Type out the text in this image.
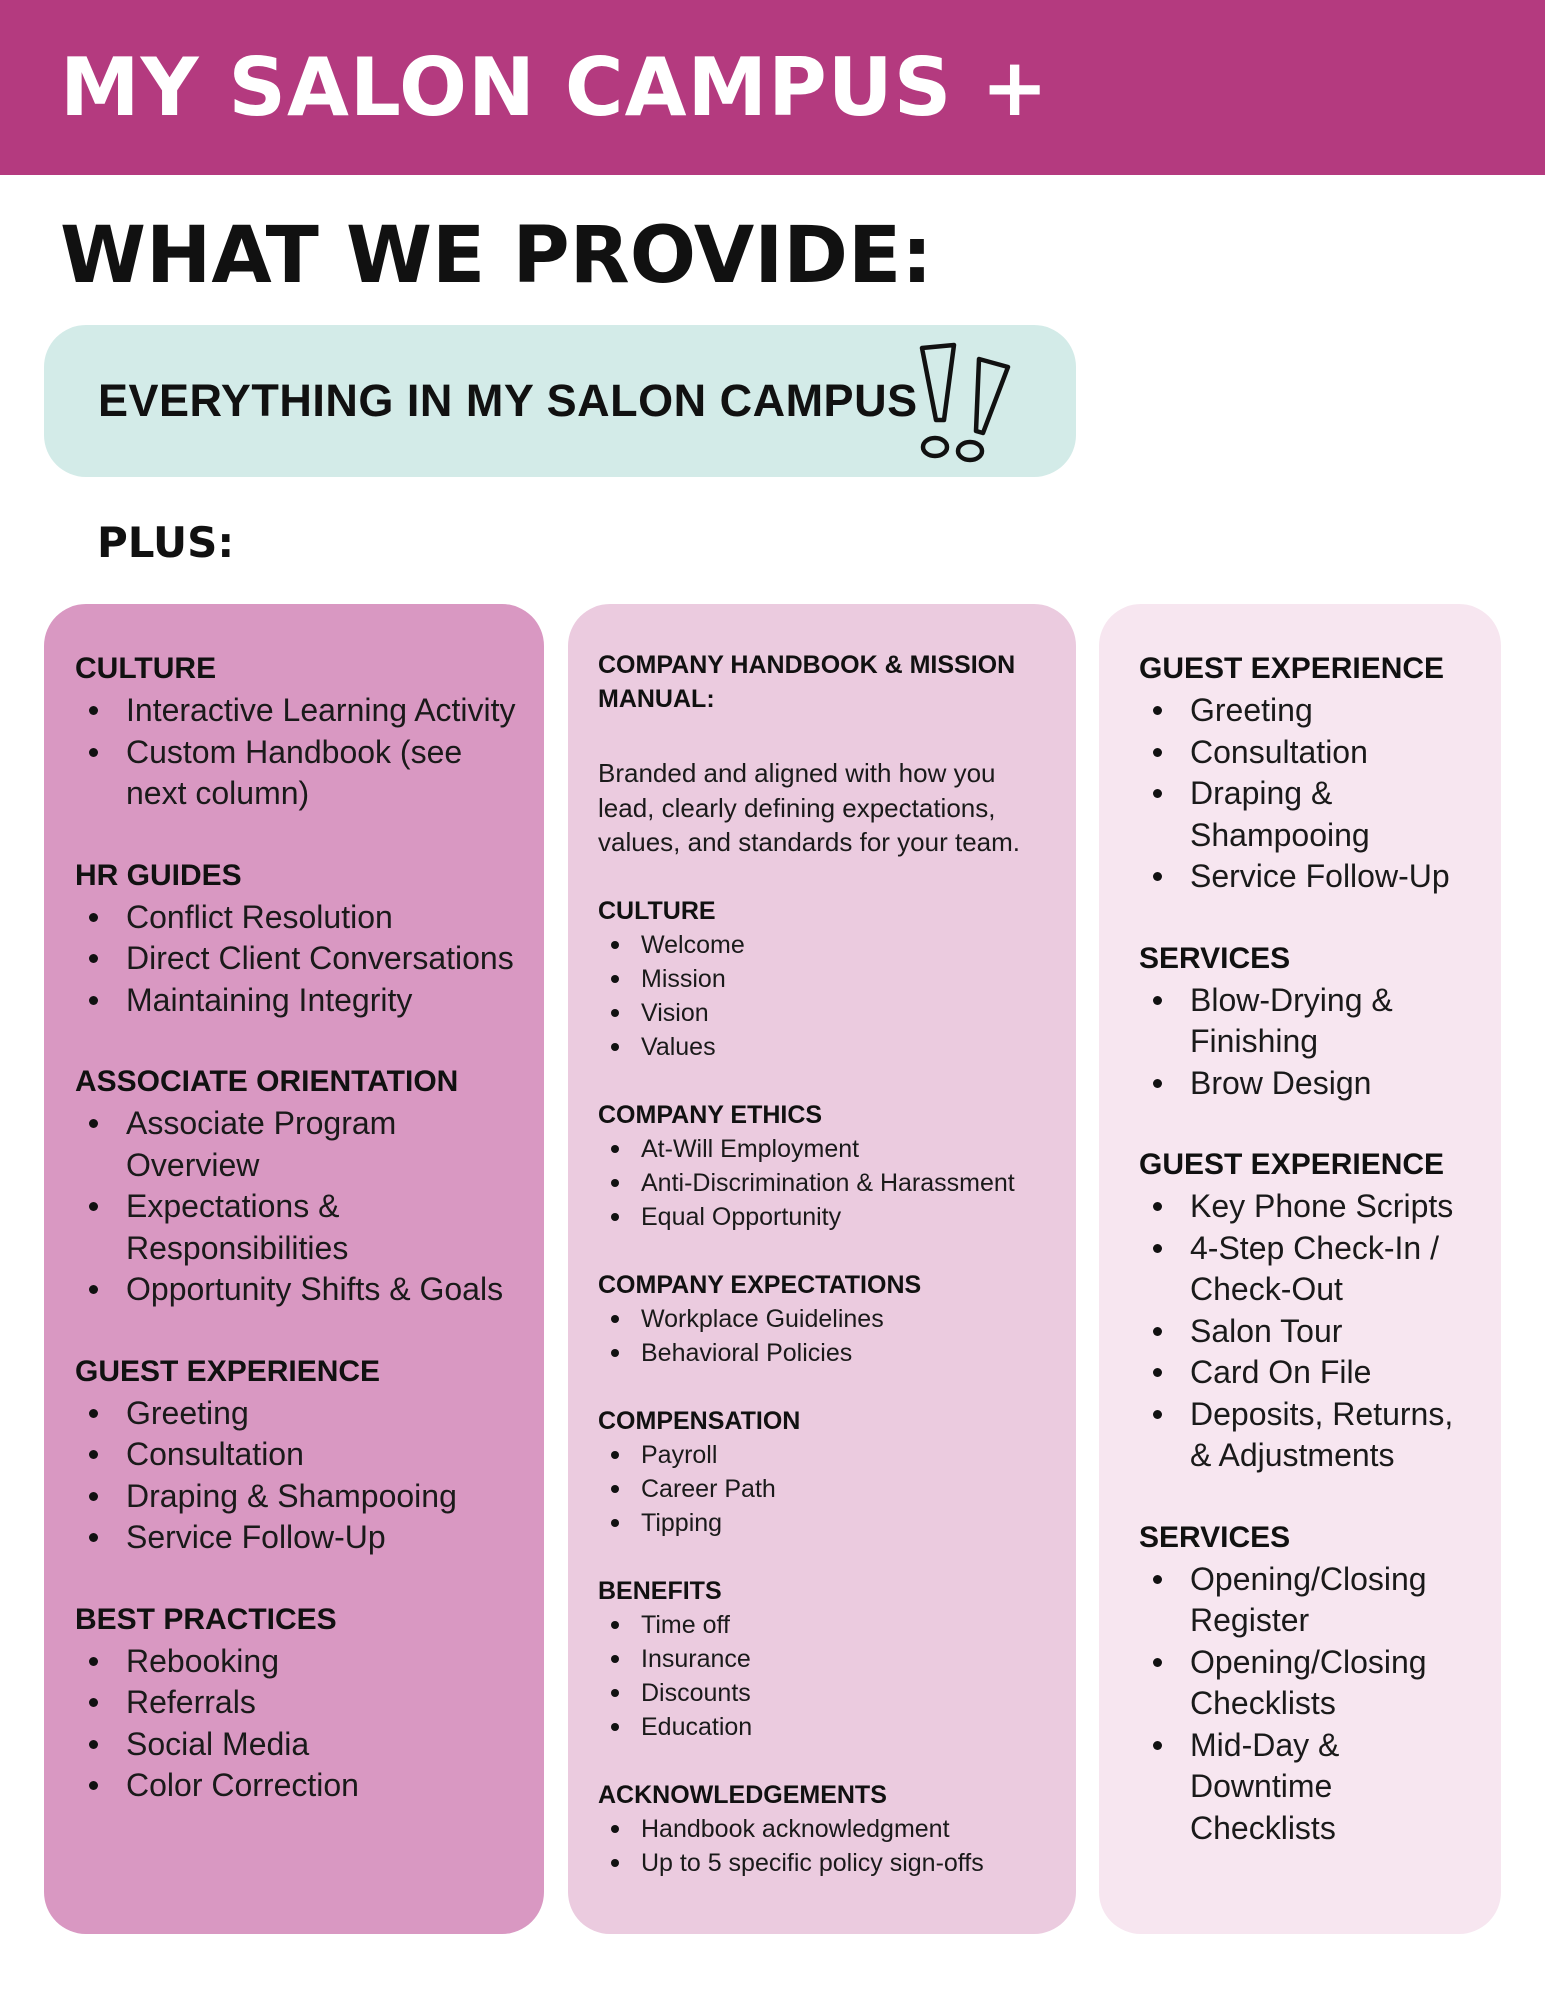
MY SALON CAMPUS +
WHAT WE PROVIDE:
EVERYTHING IN MY SALON CAMPUS
PLUS:
CULTURE
Interactive Learning Activity
Custom Handbook (see next column)
HR GUIDES
Conflict Resolution
Direct Client Conversations
Maintaining Integrity
ASSOCIATE ORIENTATION
Associate Program Overview
Expectations & Responsibilities
Opportunity Shifts & Goals
GUEST EXPERIENCE
Greeting
Consultation
Draping & Shampooing
Service Follow-Up
BEST PRACTICES
Rebooking
Referrals
Social Media
Color Correction
COMPANY HANDBOOK & MISSION MANUAL:
Branded and aligned with how you lead, clearly defining expectations, values, and standards for your team.
CULTURE
Welcome
Mission
Vision
Values
COMPANY ETHICS
At-Will Employment
Anti-Discrimination & Harassment
Equal Opportunity
COMPANY EXPECTATIONS
Workplace Guidelines
Behavioral Policies
COMPENSATION
Payroll
Career Path
Tipping
BENEFITS
Time off
Insurance
Discounts
Education
ACKNOWLEDGEMENTS
Handbook acknowledgment
Up to 5 specific policy sign-offs
GUEST EXPERIENCE
Greeting
Consultation
Draping & Shampooing
Service Follow-Up
SERVICES
Blow-Drying & Finishing
Brow Design
GUEST EXPERIENCE
Key Phone Scripts
4-Step Check-In / Check-Out
Salon Tour
Card On File
Deposits, Returns, & Adjustments
SERVICES
Opening/Closing Register
Opening/Closing Checklists
Mid-Day & Downtime Checklists
